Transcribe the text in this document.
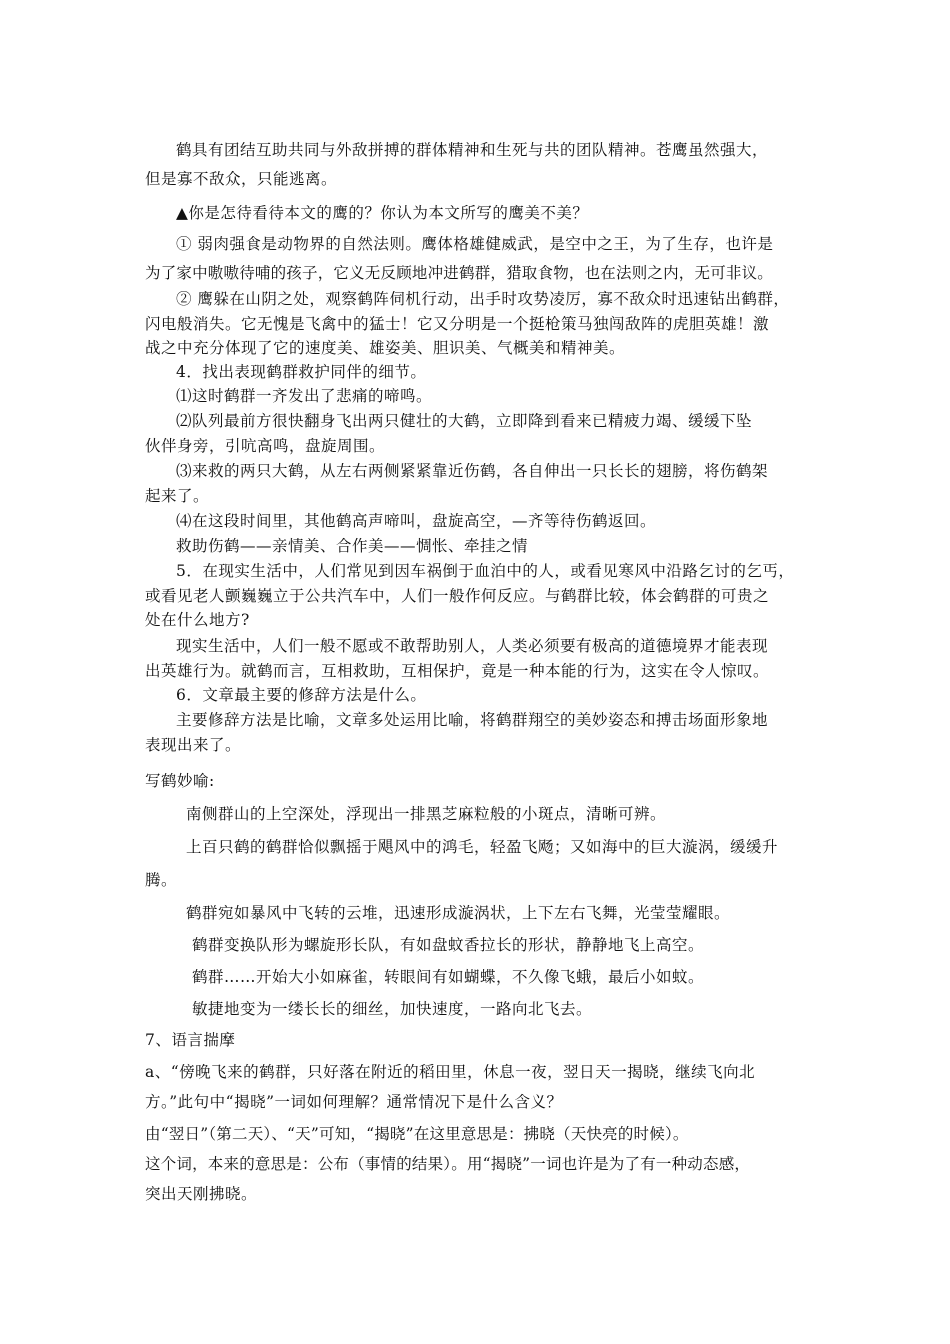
鹤具有团结互助共同与外敌拼搏的群体精神和生死与共的团队精神。苍鹰虽然强大，
但是寡不敌众，只能逃离。
▲你是怎待看待本文的鹰的？你认为本文所写的鹰美不美？
① 弱肉强食是动物界的自然法则。鹰体格雄健威武，是空中之王，为了生存，也许是
为了家中嗷嗷待哺的孩子，它义无反顾地冲进鹤群，猎取食物，也在法则之内，无可非议。
② 鹰躲在山阴之处，观察鹤阵伺机行动，出手时攻势凌厉，寡不敌众时迅速钻出鹤群，
闪电般消失。它无愧是飞禽中的猛士！它又分明是一个挺枪策马独闯敌阵的虎胆英雄！激
战之中充分体现了它的速度美、雄姿美、胆识美、气概美和精神美。
4．找出表现鹤群救护同伴的细节。
⑴这时鹤群一齐发出了悲痛的啼鸣。
⑵队列最前方很快翻身飞出两只健壮的大鹤，立即降到看来已精疲力竭、缓缓下坠
伙伴身旁，引吭高鸣，盘旋周围。
⑶来救的两只大鹤，从左右两侧紧紧靠近伤鹤，各自伸出一只长长的翅膀，将伤鹤架
起来了。
⑷在这段时间里，其他鹤高声啼叫，盘旋高空，—齐等待伤鹤返回。
救助伤鹤——亲情美、合作美——惆怅、牵挂之情
5．在现实生活中，人们常见到因车祸倒于血泊中的人，或看见寒风中沿路乞讨的乞丐，
或看见老人颤巍巍立于公共汽车中，人们一般作何反应。与鹤群比较，体会鹤群的可贵之
处在什么地方?
现实生活中，人们一般不愿或不敢帮助别人，人类必须要有极高的道德境界才能表现
出英雄行为。就鹤而言，互相救助，互相保护，竟是一种本能的行为，这实在令人惊叹。
6．文章最主要的修辞方法是什么。
主要修辞方法是比喻，文章多处运用比喻，将鹤群翔空的美妙姿态和搏击场面形象地
表现出来了。
写鹤妙喻:
南侧群山的上空深处，浮现出一排黑芝麻粒般的小斑点，清晰可辨。
上百只鹤的鹤群恰似飘摇于飓风中的鸿毛，轻盈飞飏；又如海中的巨大漩涡，缓缓升
腾。
鹤群宛如暴风中飞转的云堆，迅速形成漩涡状，上下左右飞舞，光莹莹耀眼。
鹤群变换队形为螺旋形长队，有如盘蚊香拉长的形状，静静地飞上高空。
鹤群……开始大小如麻雀，转眼间有如蝴蝶，不久像飞蛾，最后小如蚊。
敏捷地变为一缕长长的细丝，加快速度，一路向北飞去。
7、语言揣摩
a、“傍晚飞来的鹤群，只好落在附近的稻田里，休息一夜，翌日天一揭晓，继续飞向北
方。”此句中“揭晓”一词如何理解？通常情况下是什么含义？
由“翌日”（第二天）、“天”可知，“揭晓”在这里意思是：拂晓（天快亮的时候）。
这个词，本来的意思是：公布（事情的结果）。用“揭晓”一词也许是为了有一种动态感，
突出天刚拂晓。
